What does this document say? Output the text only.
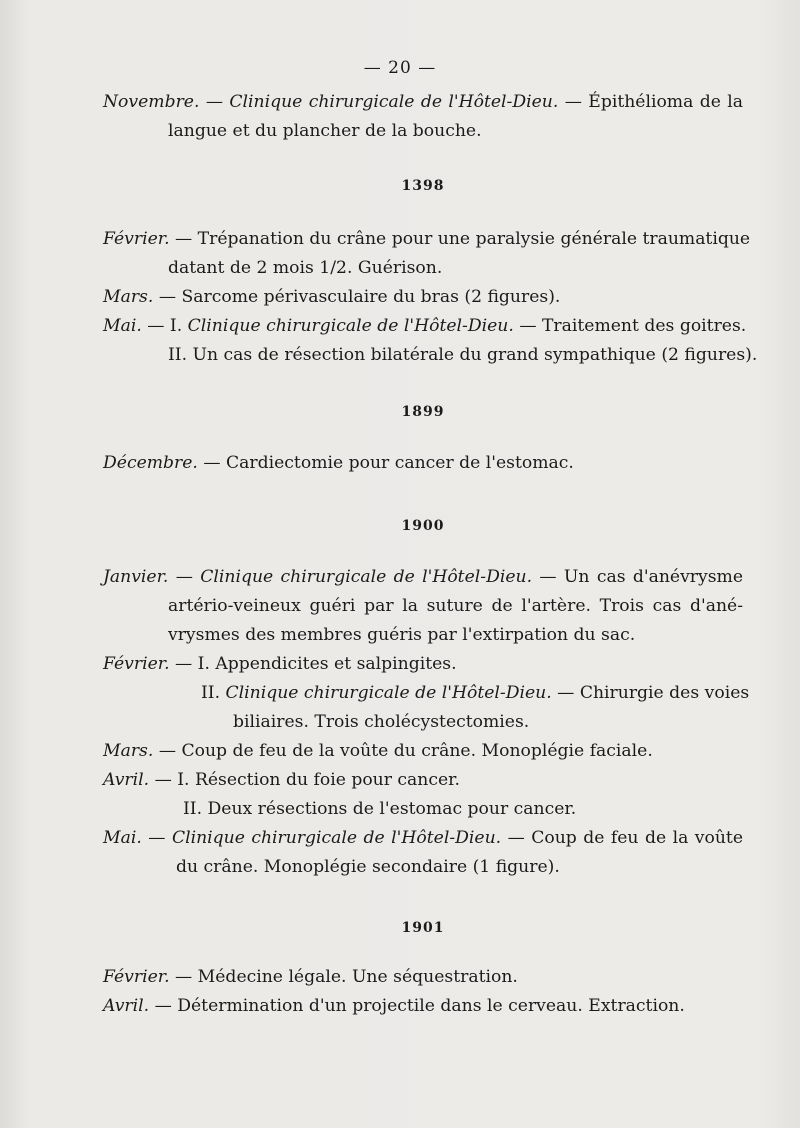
— 20 —

Novembre. — Clinique chirurgicale de l'Hôtel-Dieu. — Épithélioma de la
langue et du plancher de la bouche.

1398

Février. — Trépanation du crâne pour une paralysie générale traumatique
datant de 2 mois 1/2. Guérison.

Mars. — Sarcome périvasculaire du bras (2 figures).

Mai. — I. Clinique chirurgicale de l'Hôtel-Dieu. — Traitement des goitres.
II. Un cas de résection bilatérale du grand sympathique (2 figures).

1899

Décembre. — Cardiectomie pour cancer de l'estomac.

1900

Janvier. — Clinique chirurgicale de l'Hôtel-Dieu. — Un cas d'anévrysme
artério-veineux guéri par la suture de l'artère. Trois cas d'ané-
vrysmes des membres guéris par l'extirpation du sac.

Février. — I. Appendicites et salpingites.
II. Clinique chirurgicale de l'Hôtel-Dieu. — Chirurgie des voies
biliaires. Trois cholécystectomies.

Mars. — Coup de feu de la voûte du crâne. Monoplégie faciale.

Avril. — I. Résection du foie pour cancer.
II. Deux résections de l'estomac pour cancer.

Mai. — Clinique chirurgicale de l'Hôtel-Dieu. — Coup de feu de la voûte
du crâne. Monoplégie secondaire (1 figure).

1901

Février. — Médecine légale. Une séquestration.

Avril. — Détermination d'un projectile dans le cerveau. Extraction.
